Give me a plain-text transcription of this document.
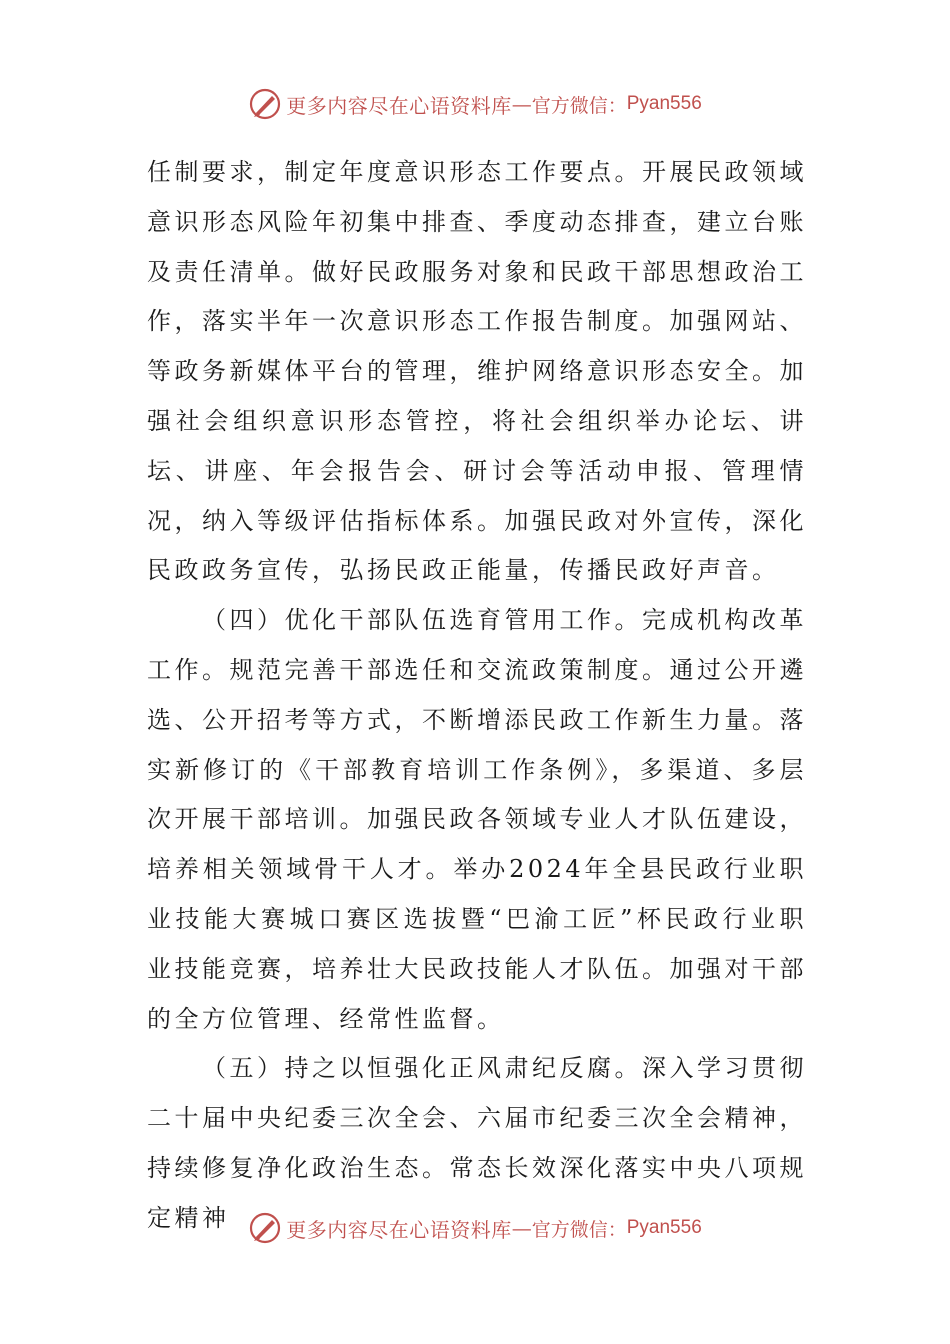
更多内容尽在心语资料库 — 官方微信： Pyan556

任制要求，制定年度意识形态工作要点。开展民政领域意识形态风险年初集中排查、季度动态排查，建立台账及责任清单。做好民政服务对象和民政干部思想政治工作，落实半年一次意识形态工作报告制度。加强网站、等政务新媒体平台的管理，维护网络意识形态安全。加强社会组织意识形态管控，将社会组织举办论坛、讲坛、讲座、年会报告会、研讨会等活动申报、管理情况，纳入等级评估指标体系。加强民政对外宣传，深化民政政务宣传，弘扬民政正能量，传播民政好声音。

（四）优化干部队伍选育管用工作。完成机构改革工作。规范完善干部选任和交流政策制度。通过公开遴选、公开招考等方式，不断增添民政工作新生力量。落实新修订的《干部教育培训工作条例》，多渠道、多层次开展干部培训。加强民政各领域专业人才队伍建设，培养相关领域骨干人才。举办2024年全县民政行业职业技能大赛城口赛区选拔暨“巴渝工匠”杯民政行业职业技能竞赛，培养壮大民政技能人才队伍。加强对干部的全方位管理、经常性监督。

（五）持之以恒强化正风肃纪反腐。深入学习贯彻二十届中央纪委三次全会、六届市纪委三次全会精神，持续修复净化政治生态。常态长效深化落实中央八项规定精神	更多内容尽在心语资料库 — 官方微信： Pyan556
